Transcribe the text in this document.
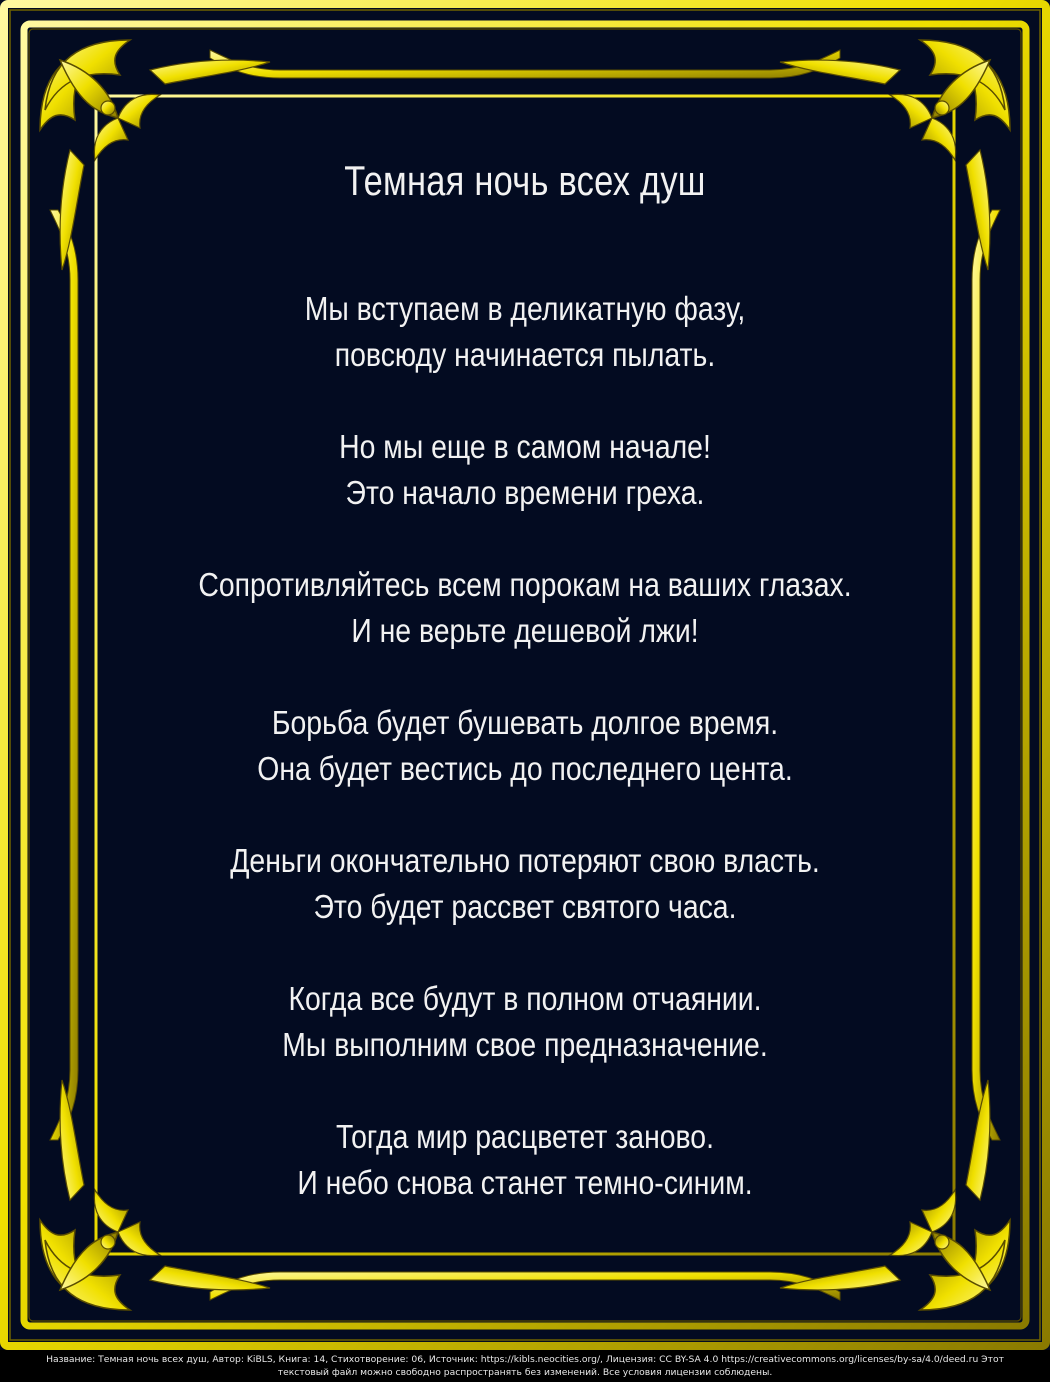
Темная ночь всех душ
Мы вступаем в деликатную фазу,
повсюду начинается пылать.
Но мы еще в самом начале!
Это начало времени греха.
Сопротивляйтесь всем порокам на ваших глазах.
И не верьте дешевой лжи!
Борьба будет бушевать долгое время.
Она будет вестись до последнего цента.
Деньги окончательно потеряют свою власть.
Это будет рассвет святого часа.
Когда все будут в полном отчаянии.
Мы выполним свое предназначение.
Тогда мир расцветет заново.
И небо снова станет темно-синим.
Название: Темная ночь всех душ, Автор: KiBLS, Книга: 14, Стихотворение: 06, Источник: https://kibls.neocities.org/, Лицензия: CC BY-SA 4.0 https://creativecommons.org/licenses/by-sa/4.0/deed.ru Этот
текстовый файл можно свободно распространять без изменений. Все условия лицензии соблюдены.
